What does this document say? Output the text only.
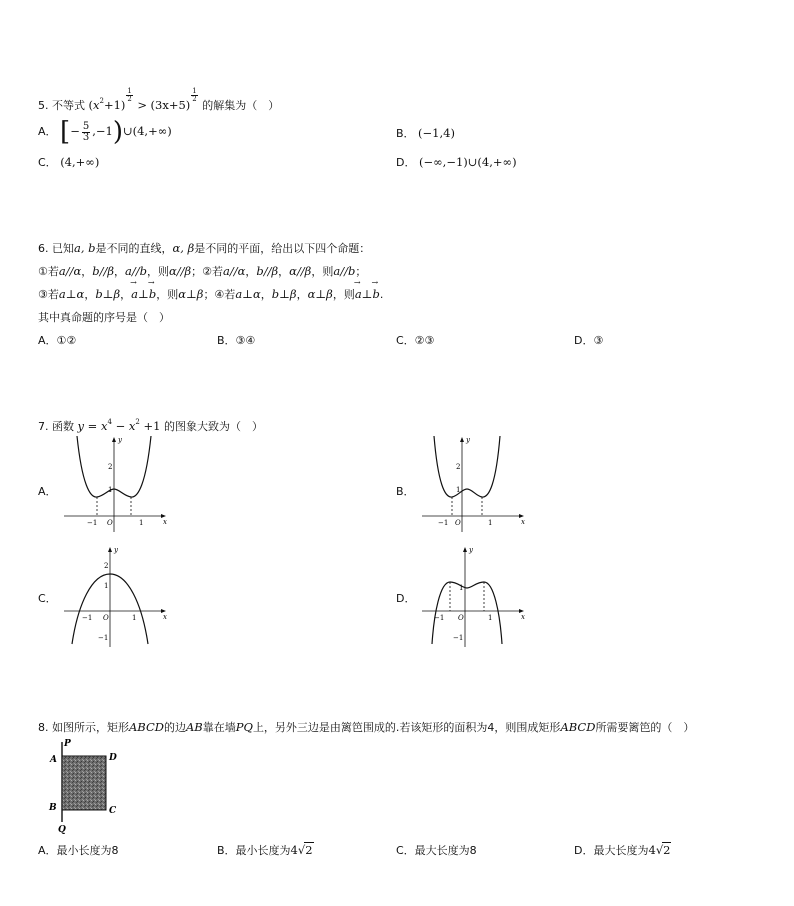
5. 不等式 $(x^2+1)$
$\frac{1}{2}$
> (3x+5)
$\frac{1}{2}$
的解集为（　）
A． [− $\frac{5}{3}$ ,−1)∪(4,+∞)	B． (−1,4)
C． (4,+∞)	D． (−∞,−1)∪(4,+∞)
6. 已知a, b是不同的直线，α, β是不同的平面，给出以下四个命题：
①若a//α，b//β，a//b，则α//β；②若a//α，b//β，α//β，则a//b；
③若a⊥α，b⊥β，→ a⊥→ b，则α⊥β；④若a⊥α，b⊥β，α⊥β，则→ a⊥→ b.
其中真命题的序号是（　）
A．①②	B．③④	C．②③	D．③
7. 函数 $y = x^4 - x^2 +1$ 的图象大致为（　）
A．	B．
C．	D．
y
x
O
−1	1
1
2
y
x
O
−1	1
1
2
y
x
O
−1	1
1
2
−1
y
x
O
−1	1
1
−1
8. 如图所示，矩形ABCD的边AB靠在墙PQ上，另外三边是由篱笆围成的.若该矩形的面积为4，则围成矩形ABCD所需要篱笆的（　）
P
A	D
B	C
Q
A．最小长度为8	B．最小长度为4√2	C．最大长度为8	D．最大长度为4√2
